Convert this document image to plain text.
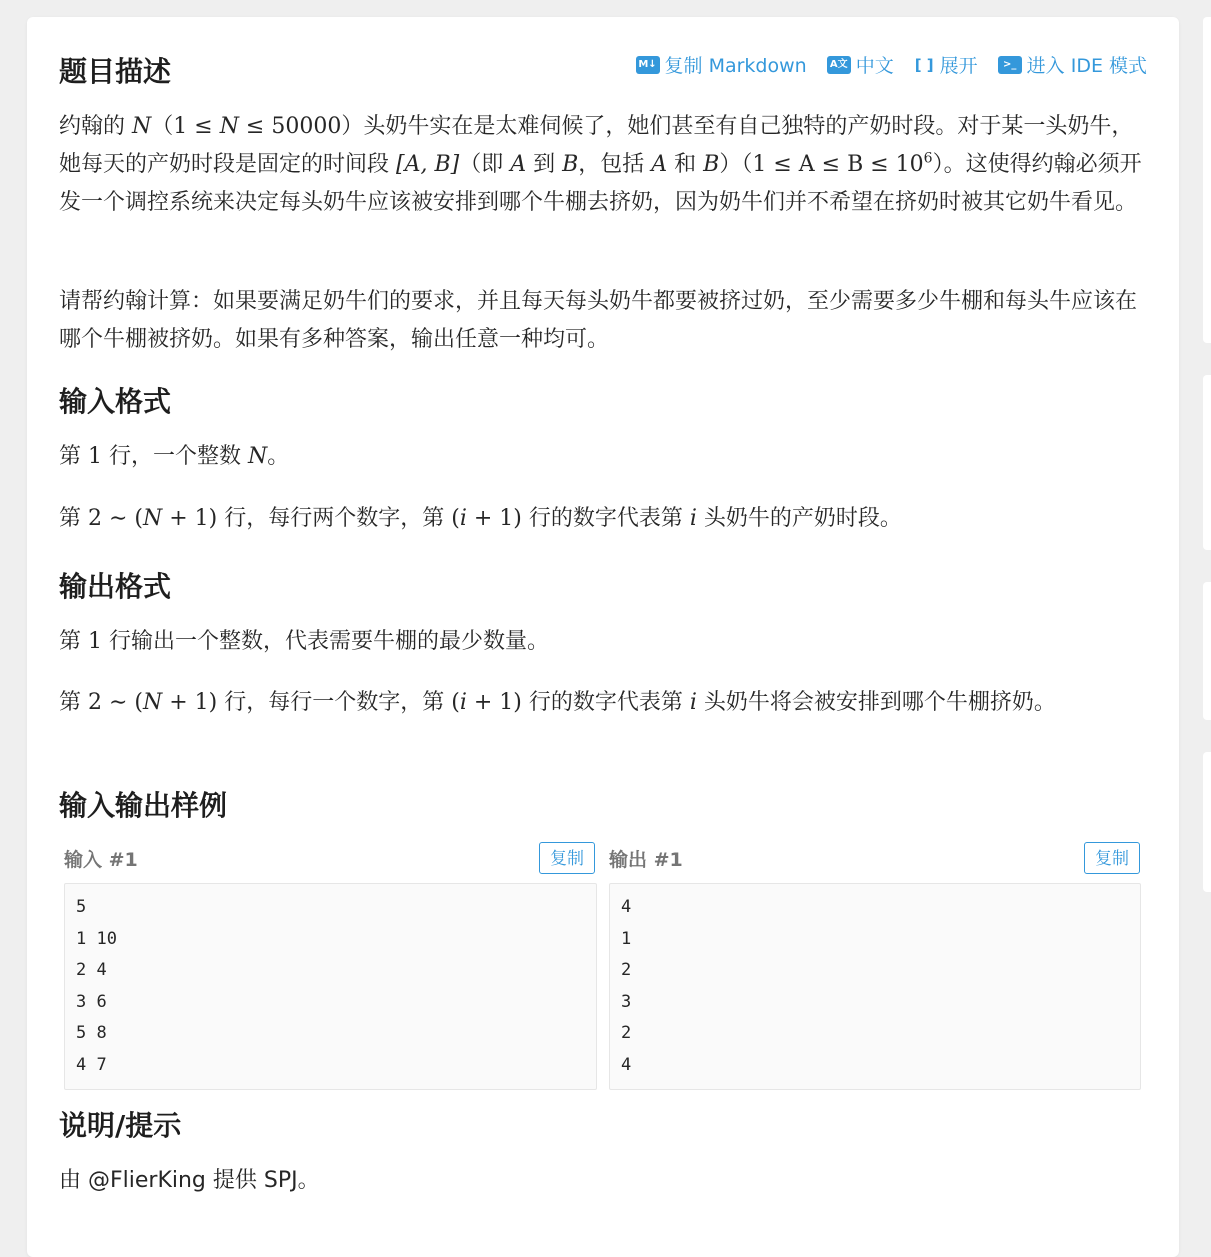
题目描述	M↓ 复制 Markdown	A文 中文 [ ] 展开	>_ 进入 IDE 模式
约翰的 N（1 ≤ N ≤ 50000）头奶牛实在是太难伺候了，她们甚至有自己独特的产奶时段。对于某一头奶牛，她每天的产奶时段是固定的时间段 [A, B]（即 A 到 B，包括 A 和 $B)(1 \le A \le B \le 10^6)$。这使得约翰必须开发一个调控系统来决定每头奶牛应该被安排到哪个牛棚去挤奶，因为奶牛们并不希望在挤奶时被其它奶牛看见。
请帮约翰计算：如果要满足奶牛们的要求，并且每天每头奶牛都要被挤过奶，至少需要多少牛棚和每头牛应该在哪个牛棚被挤奶。如果有多种答案，输出任意一种均可。
输入格式
第 1 行，一个整数 N。
第 2 ∼ (N + 1) 行，每行两个数字，第 (i + 1) 行的数字代表第 i 头奶牛的产奶时段。
输出格式
第 1 行输出一个整数，代表需要牛棚的最少数量。
第 2 ∼ (N + 1) 行，每行一个数字，第 (i + 1) 行的数字代表第 i 头奶牛将会被安排到哪个牛棚挤奶。
输入输出样例
输入 #1	复制
5
1 10
2 4
3 6
5 8
4 7
输出 #1	复制
4
1
2
3
2
4
说明/提示
由 @FlierKing 提供 SPJ。
